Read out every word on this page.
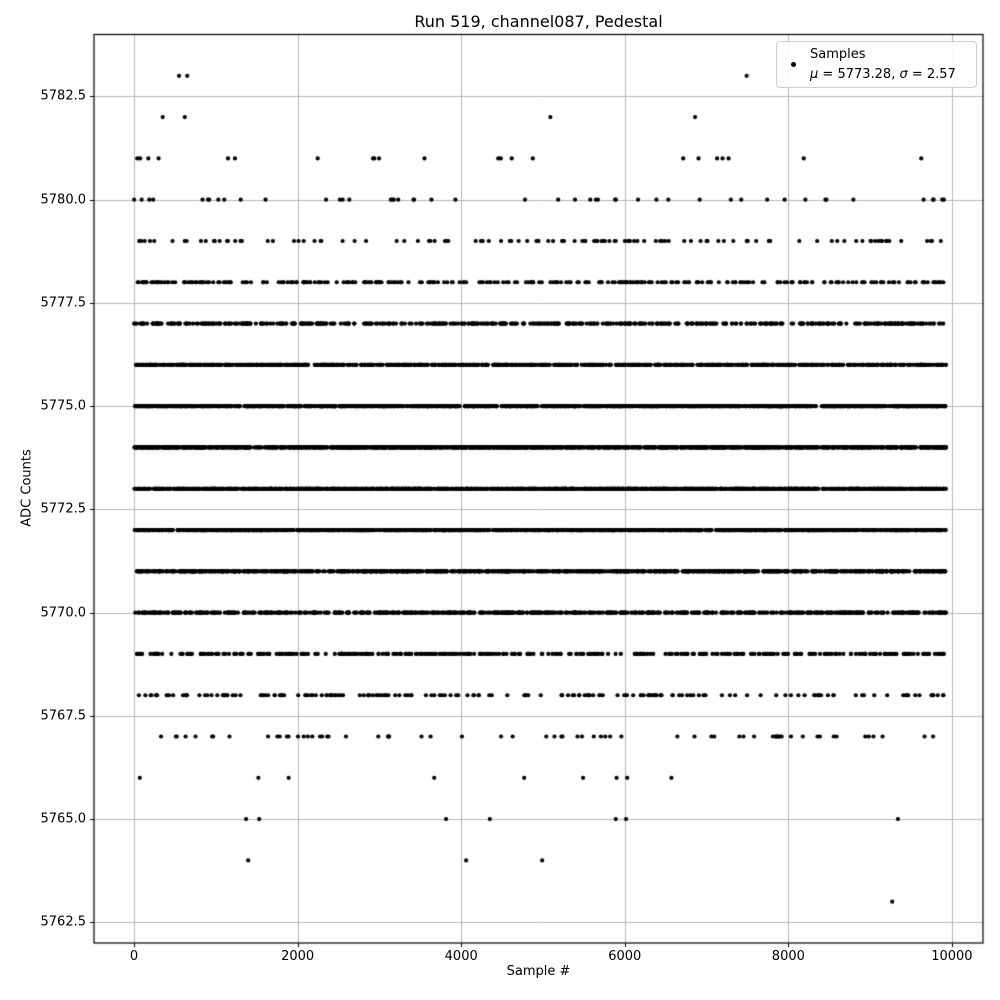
Run 519, channel087, Pedestal
Sample #
ADC Counts
0	2000	4000	6000	8000	10000
5762.5
5765.0
5767.5
5770.0
5772.5
5775.0
5777.5
5780.0
5782.5
Samples
μ = 5773.28, σ = 2.57
